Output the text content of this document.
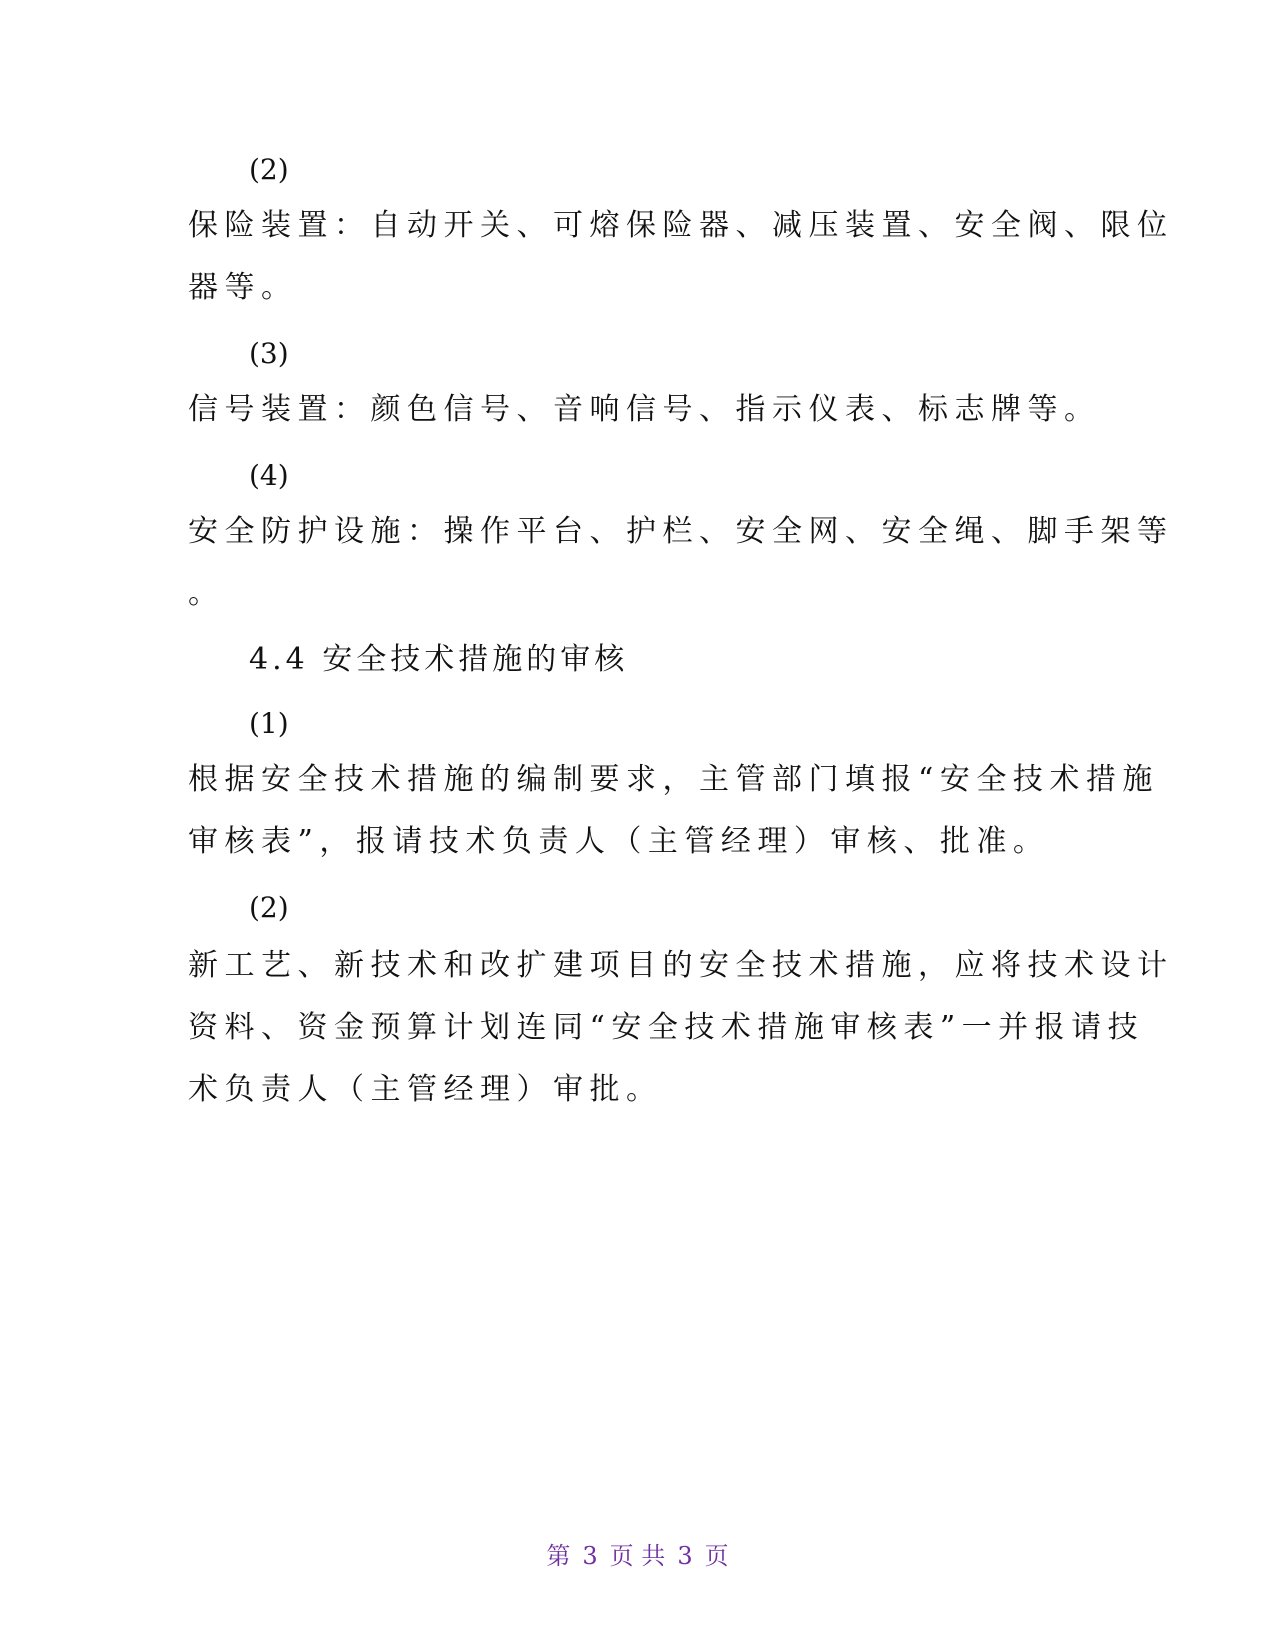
(2)
保险装置：自动开关、可熔保险器、减压装置、安全阀、限位
器等。
(3)
信号装置：颜色信号、音响信号、指示仪表、标志牌等。
(4)
安全防护设施：操作平台、护栏、安全网、安全绳、脚手架等
。
4.4 安全技术措施的审核
(1)
根据安全技术措施的编制要求，主管部门填报“安全技术措施
审核表”，报请技术负责人（主管经理）审核、批准。
(2)
新工艺、新技术和改扩建项目的安全技术措施，应将技术设计
资料、资金预算计划连同“安全技术措施审核表”一并报请技
术负责人（主管经理）审批。
第 3 页 共 3 页
